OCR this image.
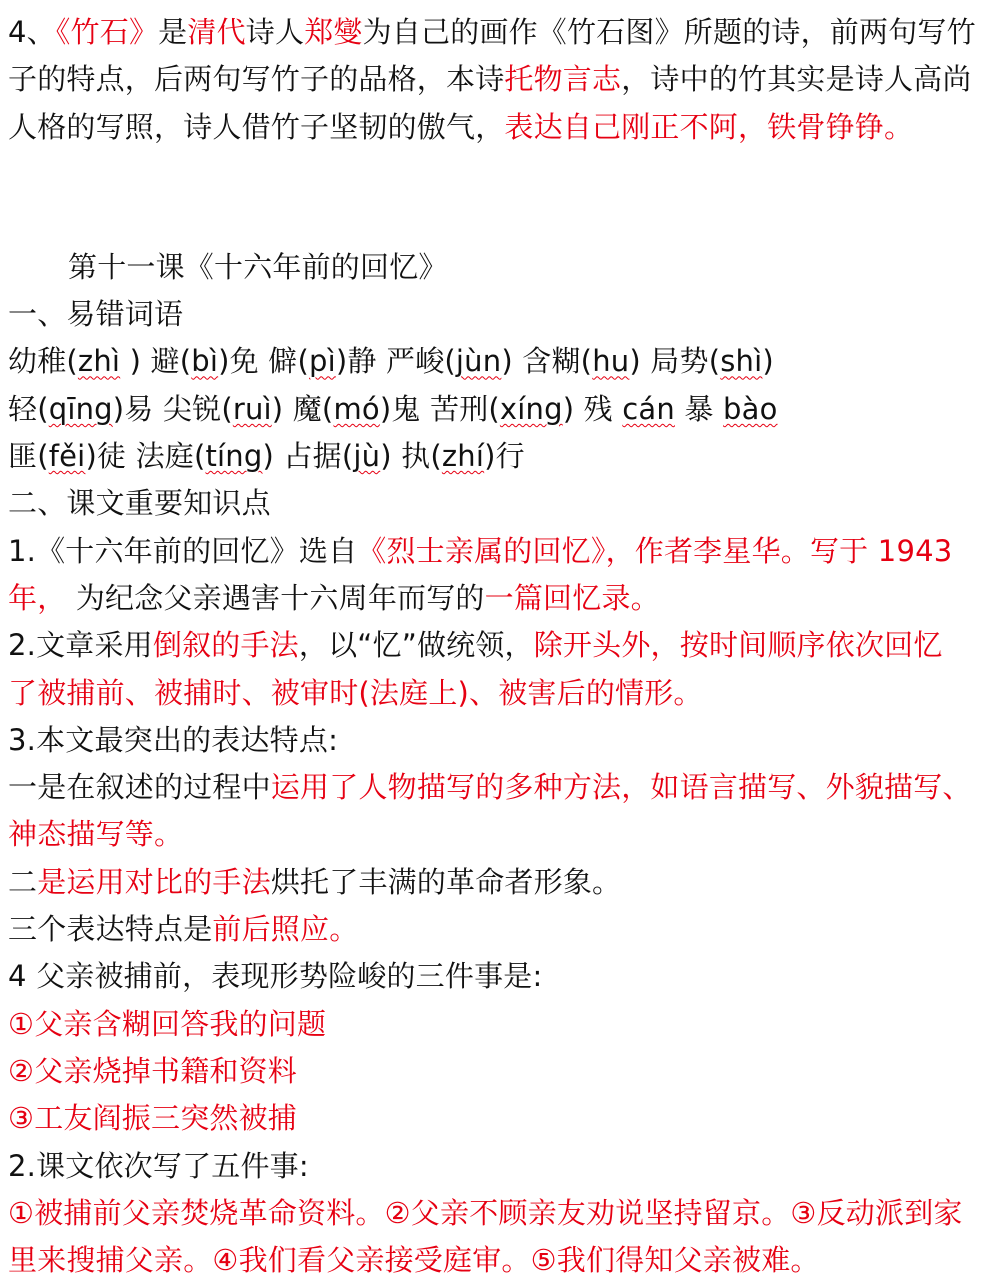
4、《竹石》是清代诗人郑燮为自己的画作《竹石图》所题的诗，前两句写竹
子的特点，后两句写竹子的品格，本诗托物言志，诗中的竹其实是诗人高尚
人格的写照，诗人借竹子坚韧的傲气，表达自己刚正不阿，铁骨铮铮。
第十一课《十六年前的回忆》
一、易错词语
幼稚(zhì ) 避(bì)免 僻(pì)静 严峻(jùn) 含糊(hu) 局势(shì)
轻(qīng)易 尖锐(ruì) 魔(mó)鬼 苦刑(xíng) 残 cán 暴 bào
匪(fěi)徒 法庭(tíng) 占据(jù) 执(zhí)行
二、课文重要知识点
1.《十六年前的回忆》选自《烈士亲属的回忆》，作者李星华。写于 1943
年， 为纪念父亲遇害十六周年而写的一篇回忆录。
2.文章采用倒叙的手法，以“忆”做统领，除开头外，按时间顺序依次回忆
了被捕前、被捕时、被审时(法庭上)、被害后的情形。
3.本文最突出的表达特点:
一是在叙述的过程中运用了人物描写的多种方法，如语言描写、外貌描写、
神态描写等。
二是运用对比的手法烘托了丰满的革命者形象。
三个表达特点是前后照应。
4 父亲被捕前，表现形势险峻的三件事是:
①父亲含糊回答我的问题
②父亲烧掉书籍和资料
③工友阎振三突然被捕
2.课文依次写了五件事:
①被捕前父亲焚烧革命资料。②父亲不顾亲友劝说坚持留京。③反动派到家
里来搜捕父亲。④我们看父亲接受庭审。⑤我们得知父亲被难。
